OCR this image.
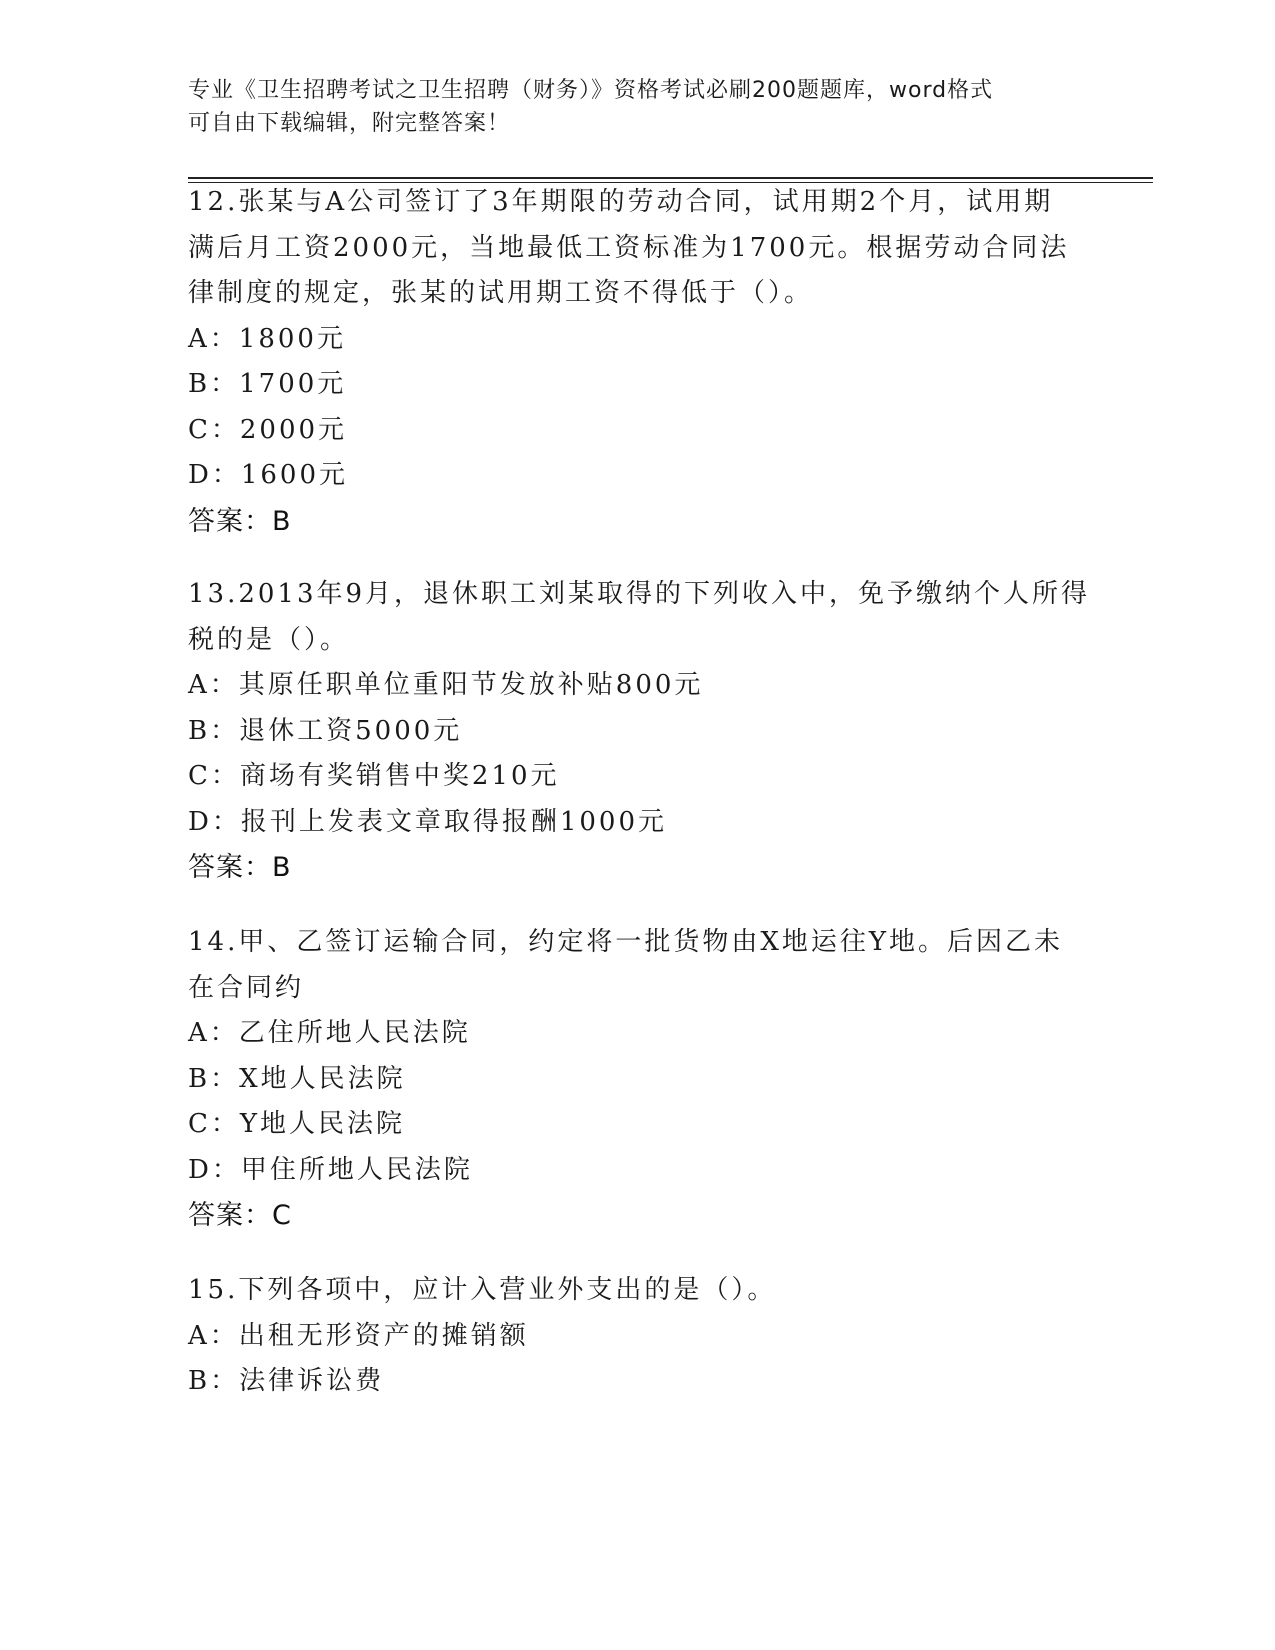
专业《卫生招聘考试之卫生招聘（财务）》资格考试必刷200题题库，word格式
可自由下载编辑，附完整答案！
12.张某与A公司签订了3年期限的劳动合同，试用期2个月，试用期
满后月工资2000元，当地最低工资标准为1700元。根据劳动合同法
律制度的规定，张某的试用期工资不得低于（）。
A：1800元
B：1700元
C：2000元
D：1600元
答案：B
13.2013年9月，退休职工刘某取得的下列收入中，免予缴纳个人所得
税的是（）。
A：其原任职单位重阳节发放补贴800元
B：退休工资5000元
C：商场有奖销售中奖210元
D：报刊上发表文章取得报酬1000元
答案：B
14.甲、乙签订运输合同，约定将一批货物由X地运往Y地。后因乙未
在合同约
A：乙住所地人民法院
B：X地人民法院
C：Y地人民法院
D：甲住所地人民法院
答案：C
15.下列各项中，应计入营业外支出的是（）。
A：出租无形资产的摊销额
B：法律诉讼费
